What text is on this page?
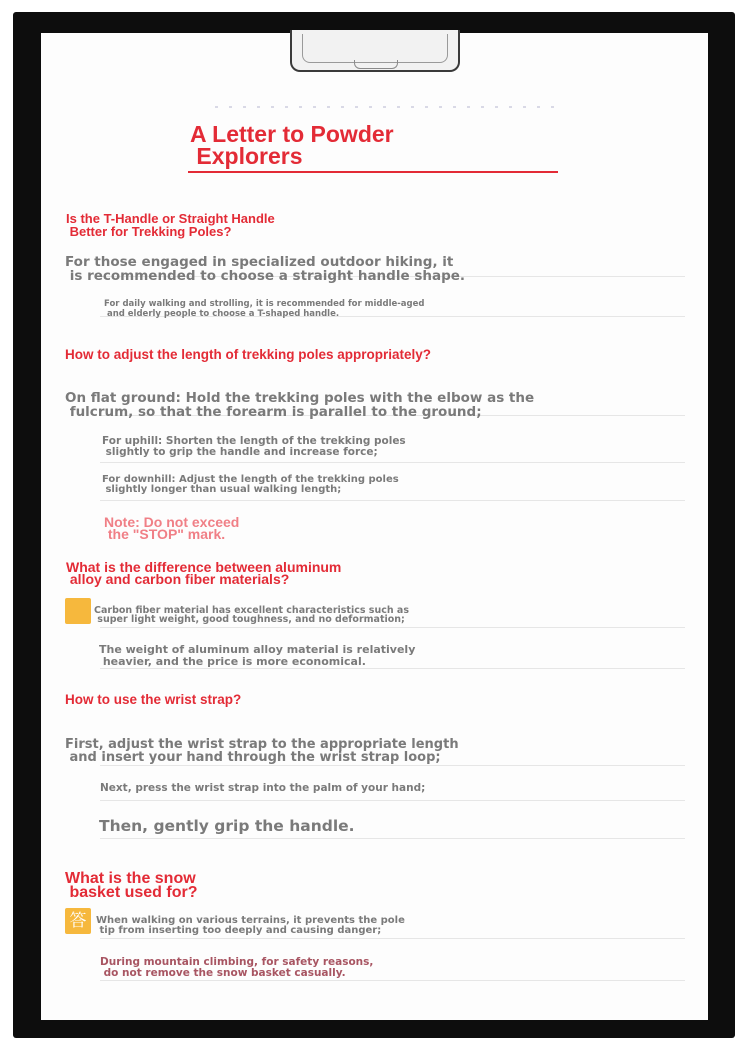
A Letter to Powder
Explorers

Is the T-Handle or Straight Handle
Better for Trekking Poles?

For those engaged in specialized outdoor hiking, it
is recommended to choose a straight handle shape.

For daily walking and strolling, it is recommended for middle-aged
and elderly people to choose a T-shaped handle.

How to adjust the length of trekking poles appropriately?

On flat ground: Hold the trekking poles with the elbow as the
fulcrum, so that the forearm is parallel to the ground;

For uphill: Shorten the length of the trekking poles
slightly to grip the handle and increase force;

For downhill: Adjust the length of the trekking poles
slightly longer than usual walking length;

Note: Do not exceed
the "STOP" mark.

What is the difference between aluminum
alloy and carbon fiber materials?

Carbon fiber material has excellent characteristics such as
super light weight, good toughness, and no deformation;

The weight of aluminum alloy material is relatively
heavier, and the price is more economical.

How to use the wrist strap?

First, adjust the wrist strap to the appropriate length
and insert your hand through the wrist strap loop;

Next, press the wrist strap into the palm of your hand;

Then, gently grip the handle.

What is the snow
basket used for?

答 When walking on various terrains, it prevents the pole
tip from inserting too deeply and causing danger;

During mountain climbing, for safety reasons,
do not remove the snow basket casually.
